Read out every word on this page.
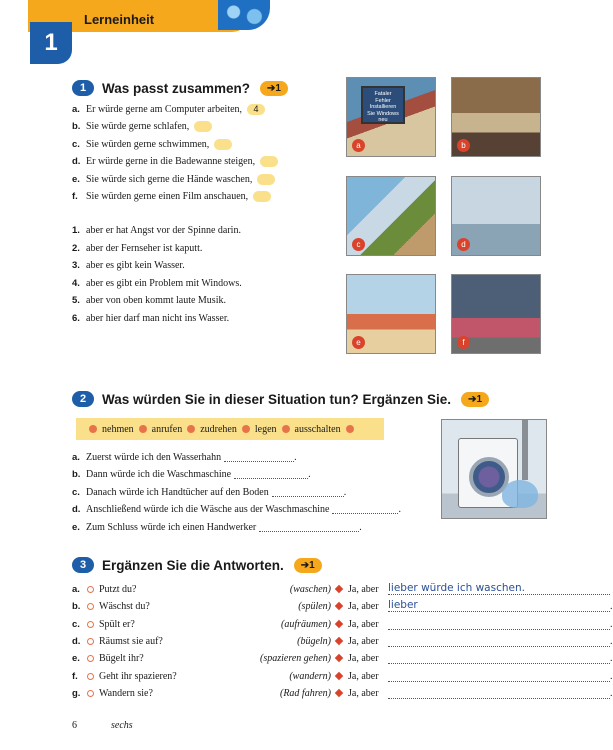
Lerneinheit
1
1	Was passt zusammen?	➔1
a. Er würde gerne am Computer arbeiten,	4
b. Sie würde gerne schlafen,
c. Sie würden gerne schwimmen,
d. Er würde gerne in die Badewanne steigen,
e. Sie würde sich gerne die Hände waschen,
f. Sie würden gerne einen Film anschauen,
1. aber er hat Angst vor der Spinne darin.
2. aber der Fernseher ist kaputt.
3. aber es gibt kein Wasser.
4. aber es gibt ein Problem mit Windows.
5. aber von oben kommt laute Musik.
6. aber hier darf man nicht ins Wasser.
Fataler Fehler Installieren Sie Windows neu
a	b
c	d
e	f
2	Was würden Sie in dieser Situation tun? Ergänzen Sie.	➔1
nehmen anrufen zudrehen legen ausschalten
a. Zuerst würde ich den Wasserhahn	.
b. Dann würde ich die Waschmaschine	.
c. Danach würde ich Handtücher auf den Boden	.
d. Anschließend würde ich die Wäsche aus der Waschmaschine	.
e. Zum Schluss würde ich einen Handwerker	.
3	Ergänzen Sie die Antworten.	➔1
a. Putzt du?	(waschen) Ja, aber lieber würde ich waschen.
b. Wäschst du?	(spülen) Ja, aber lieber	.
c. Spült er?	(aufräumen) Ja, aber	.
d. Räumst sie auf?	(bügeln) Ja, aber	.
e. Bügelt ihr?	(spazieren gehen) Ja, aber	.
f. Geht ihr spazieren?	(wandern) Ja, aber	.
g. Wandern sie?	(Rad fahren) Ja, aber	.
6	sechs
